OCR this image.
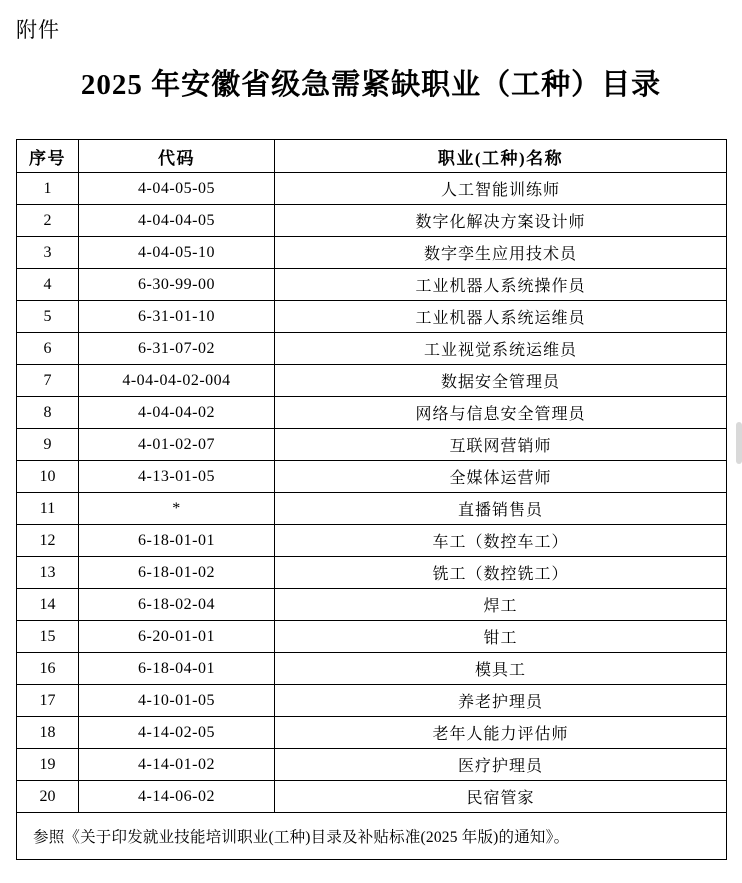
附件
2025 年安徽省级急需紧缺职业（工种）目录
序号	代码	职业(工种)名称
1	4-04-05-05	人工智能训练师
2	4-04-04-05	数字化解决方案设计师
3	4-04-05-10	数字孪生应用技术员
4	6-30-99-00	工业机器人系统操作员
5	6-31-01-10	工业机器人系统运维员
6	6-31-07-02	工业视觉系统运维员
7	4-04-04-02-004	数据安全管理员
8	4-04-04-02	网络与信息安全管理员
9	4-01-02-07	互联网营销师
10	4-13-01-05	全媒体运营师
11	*	直播销售员
12	6-18-01-01	车工（数控车工）
13	6-18-01-02	铣工（数控铣工）
14	6-18-02-04	焊工
15	6-20-01-01	钳工
16	6-18-04-01	模具工
17	4-10-01-05	养老护理员
18	4-14-02-05	老年人能力评估师
19	4-14-01-02	医疗护理员
20	4-14-06-02	民宿管家
参照《关于印发就业技能培训职业(工种)目录及补贴标准(2025 年版)的通知》。		
